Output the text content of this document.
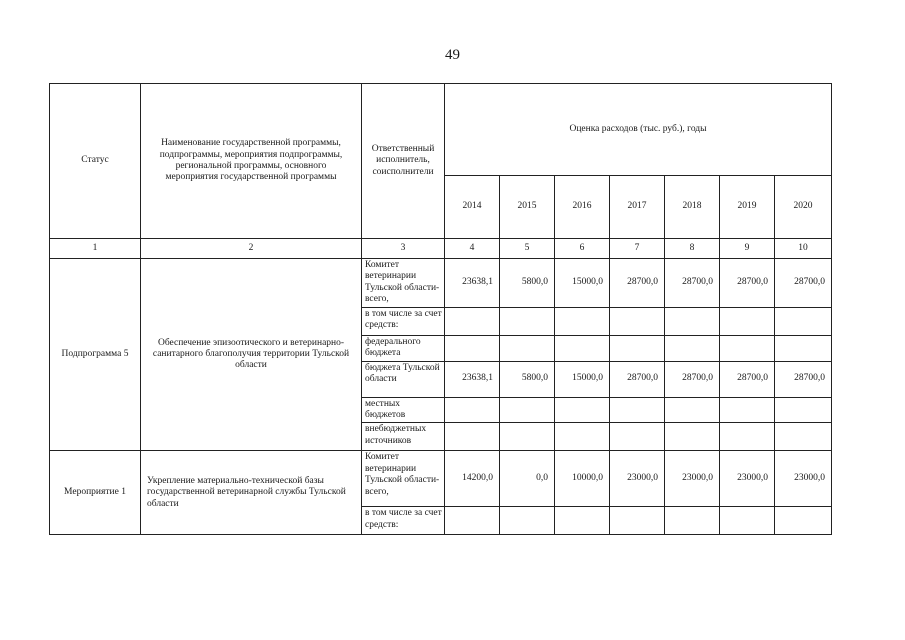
49
Статус	Наименование государственной программы, подпрограммы, мероприятия подпрограммы, региональной программы, основного мероприятия государственной программы	Ответственный исполнитель, соисполнители	Оценка расходов (тыс. руб.), годы						
			2014	2015	2016	2017	2018	2019	2020
1	2	3	4	5	6	7	8	9	10
Подпрограмма 5	Обеспечение эпизоотического и ветеринарно-санитарного благополучия территории Тульской области	Комитет ветеринарии Тульской области- всего,	23638,1	5800,0	15000,0	28700,0	28700,0	28700,0	28700,0
		в том числе за счет средств:							
		федерального бюджета							
		бюджета Тульской области	23638,1	5800,0	15000,0	28700,0	28700,0	28700,0	28700,0
		местных бюджетов							
		внебюджетных источников							
Мероприятие 1	Укрепление материально-технической базы государственной ветеринарной службы Тульской области	Комитет ветеринарии Тульской области- всего,	14200,0	0,0	10000,0	23000,0	23000,0	23000,0	23000,0
		в том числе за счет средств:							
